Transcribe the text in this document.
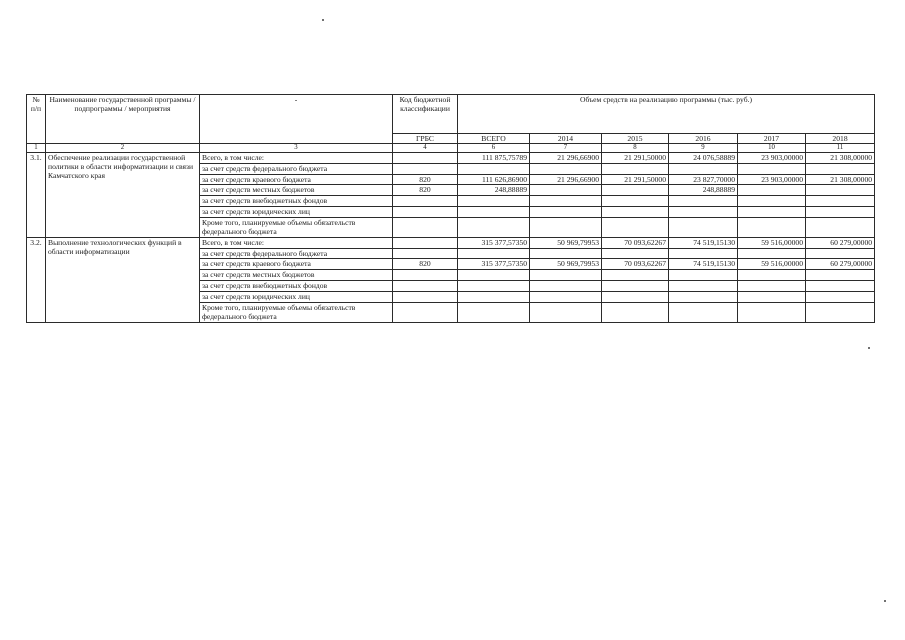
№ п/п	Наименование государственной программы / подпрограммы / мероприятия	-	Код бюджетной классификации	Объем средств на реализацию программы (тыс. руб.)					
			ГРБС	ВСЕГО	2014	2015	2016	2017	2018
1	2	3	4	6	7	8	9	10	11
3.1.	Обеспечение реализации государственной политики в области информатизации и связи Камчатского края	Всего, в том числе:		111 875,75789	21 296,66900	21 291,50000	24 076,58889	23 903,00000	21 308,00000
		за счет средств федерального бюджета							
		за счет средств краевого бюджета	820	111 626,86900	21 296,66900	21 291,50000	23 827,70000	23 903,00000	21 308,00000
		за счет средств местных бюджетов	820	248,88889			248,88889		
		за счет средств внебюджетных фондов							
		за счет средств юридических лиц							
		Кроме того, планируемые объемы обязательств федерального бюджета							
3.2.	Выполнение технологических функций в области информатизации	Всего, в том числе:		315 377,57350	50 969,79953	70 093,62267	74 519,15130	59 516,00000	60 279,00000
		за счет средств федерального бюджета							
		за счет средств краевого бюджета	820	315 377,57350	50 969,79953	70 093,62267	74 519,15130	59 516,00000	60 279,00000
		за счет средств местных бюджетов							
		за счет средств внебюджетных фондов							
		за счет средств юридических лиц							
		Кроме того, планируемые объемы обязательств федерального бюджета							
